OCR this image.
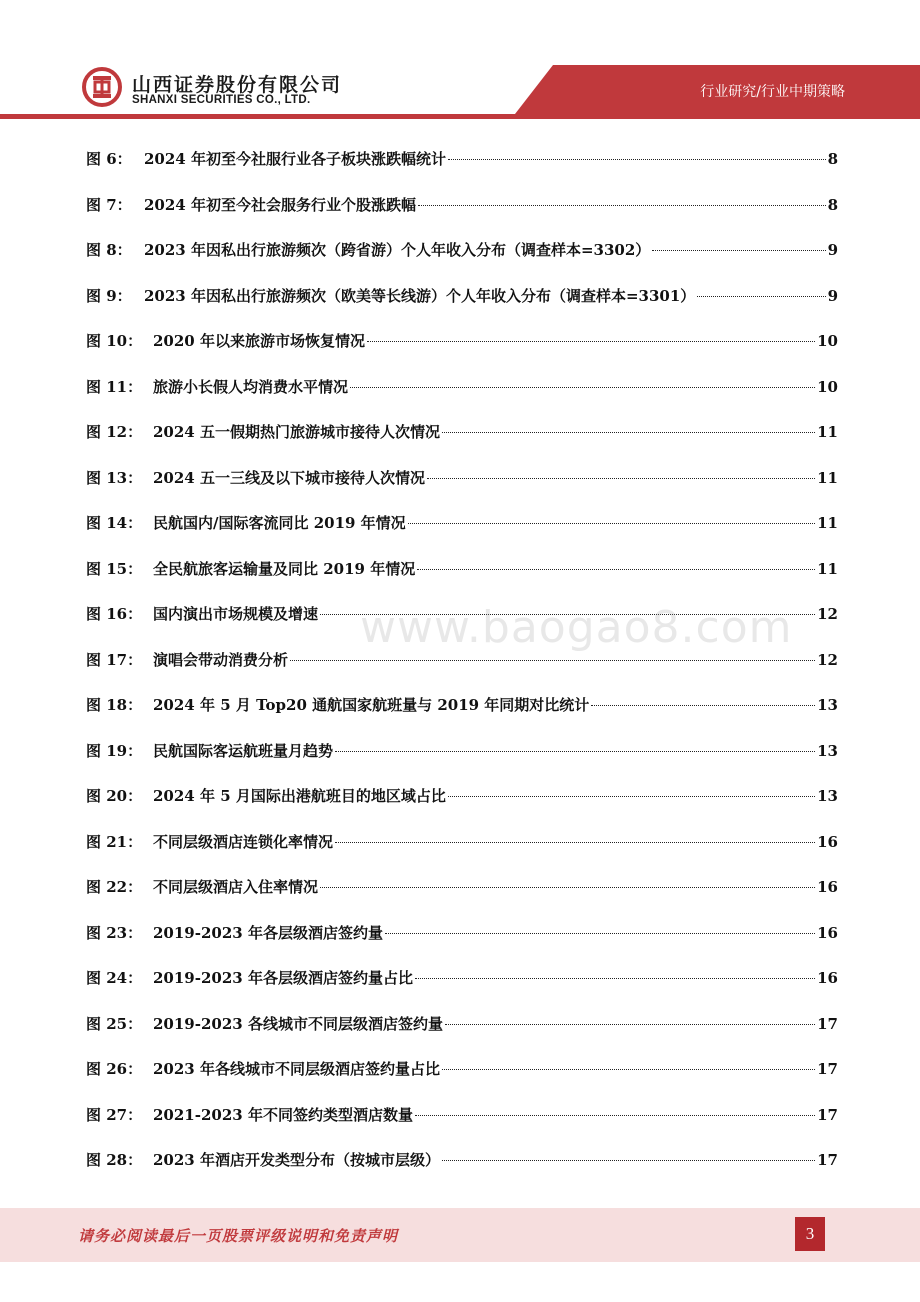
山西证券股份有限公司
SHANXI SECURITIES CO., LTD.	行业研究/行业中期策略
图 6： 2024 年初至今社服行业各子板块涨跌幅统计	8
图 7： 2024 年初至今社会服务行业个股涨跌幅	8
图 8： 2023 年因私出行旅游频次（跨省游）个人年收入分布（调查样本=3302）	9
图 9： 2023 年因私出行旅游频次（欧美等长线游）个人年收入分布（调查样本=3301）	9
图 10： 2020 年以来旅游市场恢复情况	10
图 11： 旅游小长假人均消费水平情况	10
图 12： 2024 五一假期热门旅游城市接待人次情况	11
图 13： 2024 五一三线及以下城市接待人次情况	11
图 14： 民航国内/国际客流同比 2019 年情况	11
图 15： 全民航旅客运输量及同比 2019 年情况	11
图 16： 国内演出市场规模及增速	12
图 17： 演唱会带动消费分析	12
图 18： 2024 年 5 月 Top20 通航国家航班量与 2019 年同期对比统计	13
图 19： 民航国际客运航班量月趋势	13
图 20： 2024 年 5 月国际出港航班目的地区域占比	13
图 21： 不同层级酒店连锁化率情况	16
图 22： 不同层级酒店入住率情况	16
图 23： 2019-2023 年各层级酒店签约量	16
图 24： 2019-2023 年各层级酒店签约量占比	16
图 25： 2019-2023 各线城市不同层级酒店签约量	17
图 26： 2023 年各线城市不同层级酒店签约量占比	17
图 27： 2021-2023 年不同签约类型酒店数量	17
图 28： 2023 年酒店开发类型分布（按城市层级）	17
www.baogao8.com
请务必阅读最后一页股票评级说明和免责声明	3
